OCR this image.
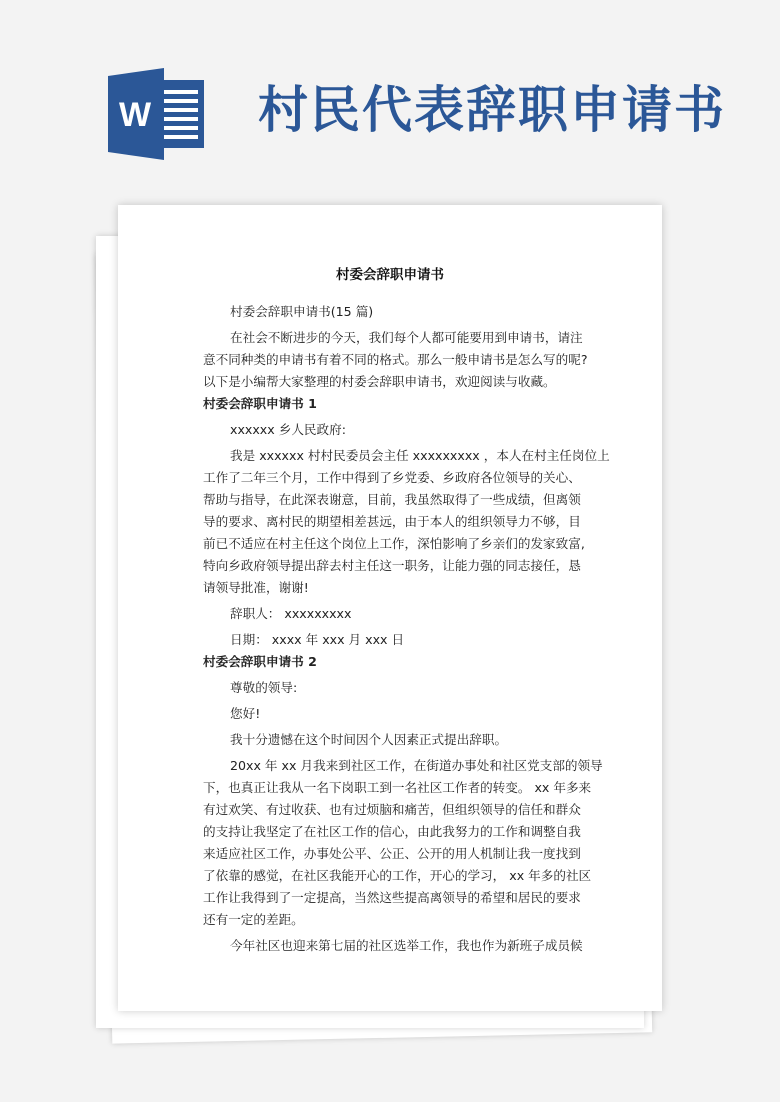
W 村民代表辞职申请书
村委会辞职申请书
村委会辞职申请书(15 篇)
在社会不断进步的今天，我们每个人都可能要用到申请书，请注
意不同种类的申请书有着不同的格式。那么一般申请书是怎么写的呢?
以下是小编帮大家整理的村委会辞职申请书，欢迎阅读与收藏。
村委会辞职申请书 1
xxxxxx 乡人民政府:
我是 xxxxxx 村村民委员会主任 xxxxxxxxx ，本人在村主任岗位上
工作了二年三个月，工作中得到了乡党委、乡政府各位领导的关心、
帮助与指导，在此深表谢意，目前，我虽然取得了一些成绩，但离领
导的要求、离村民的期望相差甚远，由于本人的组织领导力不够，目
前已不适应在村主任这个岗位上工作，深怕影响了乡亲们的发家致富,
特向乡政府领导提出辞去村主任这一职务，让能力强的同志接任，恳
请领导批准，谢谢!
辞职人： xxxxxxxxx
日期： xxxx 年 xxx 月 xxx 日
村委会辞职申请书 2
尊敬的领导:
您好!
我十分遗憾在这个时间因个人因素正式提出辞职。
20xx 年 xx 月我来到社区工作，在街道办事处和社区党支部的领导
下，也真正让我从一名下岗职工到一名社区工作者的转变。 xx 年多来
有过欢笑、有过收获、也有过烦脑和痛苦，但组织领导的信任和群众
的支持让我坚定了在社区工作的信心，由此我努力的工作和调整自我
来适应社区工作，办事处公平、公正、公开的用人机制让我一度找到
了依靠的感觉，在社区我能开心的工作，开心的学习， xx 年多的社区
工作让我得到了一定提高，当然这些提高离领导的希望和居民的要求
还有一定的差距。
今年社区也迎来第七届的社区选举工作，我也作为新班子成员候
